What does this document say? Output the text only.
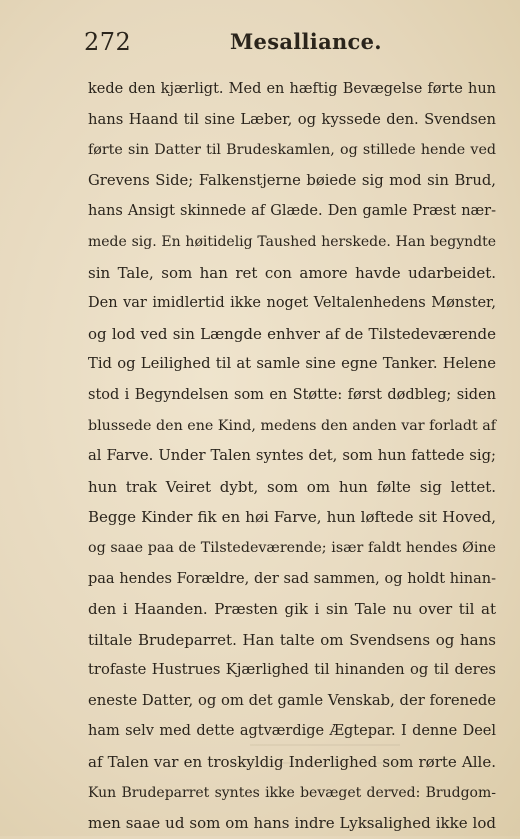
272	Mesalliance.
kede den kjærligt. Med en hæftig Bevægelse førte hun
hans Haand til sine Læber, og kyssede den. Svendsen
førte sin Datter til Brudeskamlen, og stillede hende ved
Grevens Side; Falkenstjerne bøiede sig mod sin Brud,
hans Ansigt skinnede af Glæde. Den gamle Præst nær-
mede sig. En høitidelig Taushed herskede. Han begyndte
sin Tale, som han ret con amore havde udarbeidet.
Den var imidlertid ikke noget Veltalenhedens Mønster,
og lod ved sin Længde enhver af de Tilstedeværende
Tid og Leilighed til at samle sine egne Tanker. Helene
stod i Begyndelsen som en Støtte: først dødbleg; siden
blussede den ene Kind, medens den anden var forladt af
al Farve. Under Talen syntes det, som hun fattede sig;
hun trak Veiret dybt, som om hun følte sig lettet.
Begge Kinder fik en høi Farve, hun løftede sit Hoved,
og saae paa de Tilstedeværende; især faldt hendes Øine
paa hendes Forældre, der sad sammen, og holdt hinan-
den i Haanden. Præsten gik i sin Tale nu over til at
tiltale Brudeparret. Han talte om Svendsens og hans
trofaste Hustrues Kjærlighed til hinanden og til deres
eneste Datter, og om det gamle Venskab, der forenede
ham selv med dette agtværdige Ægtepar. I denne Deel
af Talen var en troskyldig Inderlighed som rørte Alle.
Kun Brudeparret syntes ikke bevæget derved: Brudgom-
men saae ud som om hans indre Lyksalighed ikke lod
